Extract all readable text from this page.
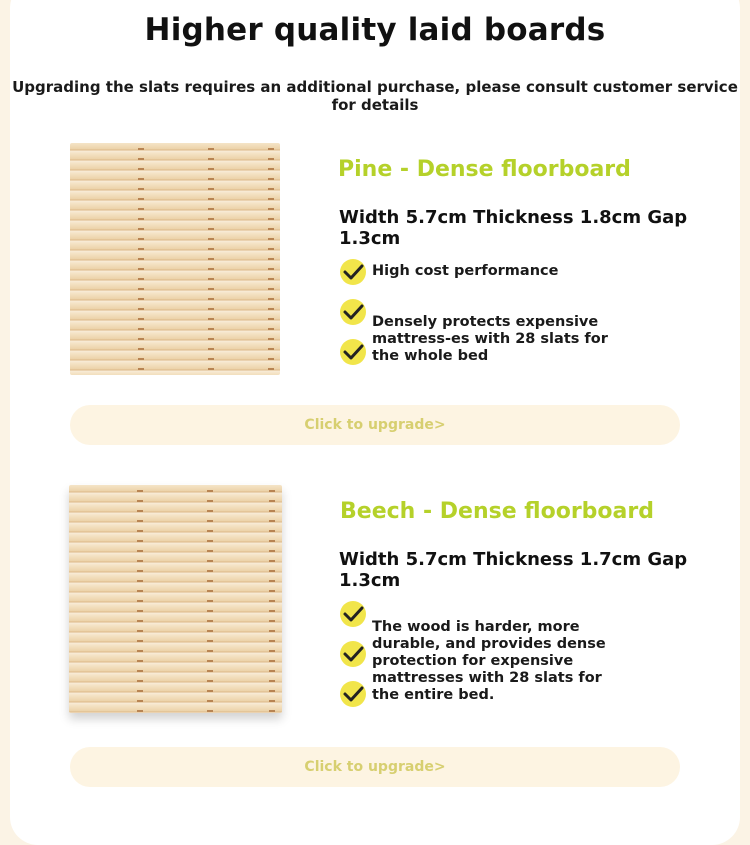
Higher quality laid boards
Upgrading the slats requires an additional purchase, please consult customer service for details
Pine - Dense floorboard
Width 5.7cm Thickness 1.8cm Gap 1.3cm
High cost performance
Densely protects expensive mattress-es with 28 slats for the whole bed
Click to upgrade>
Beech - Dense floorboard
Width 5.7cm Thickness 1.7cm Gap 1.3cm
The wood is harder, more durable, and provides dense protection for expensive mattresses with 28 slats for the entire bed.
Click to upgrade>
